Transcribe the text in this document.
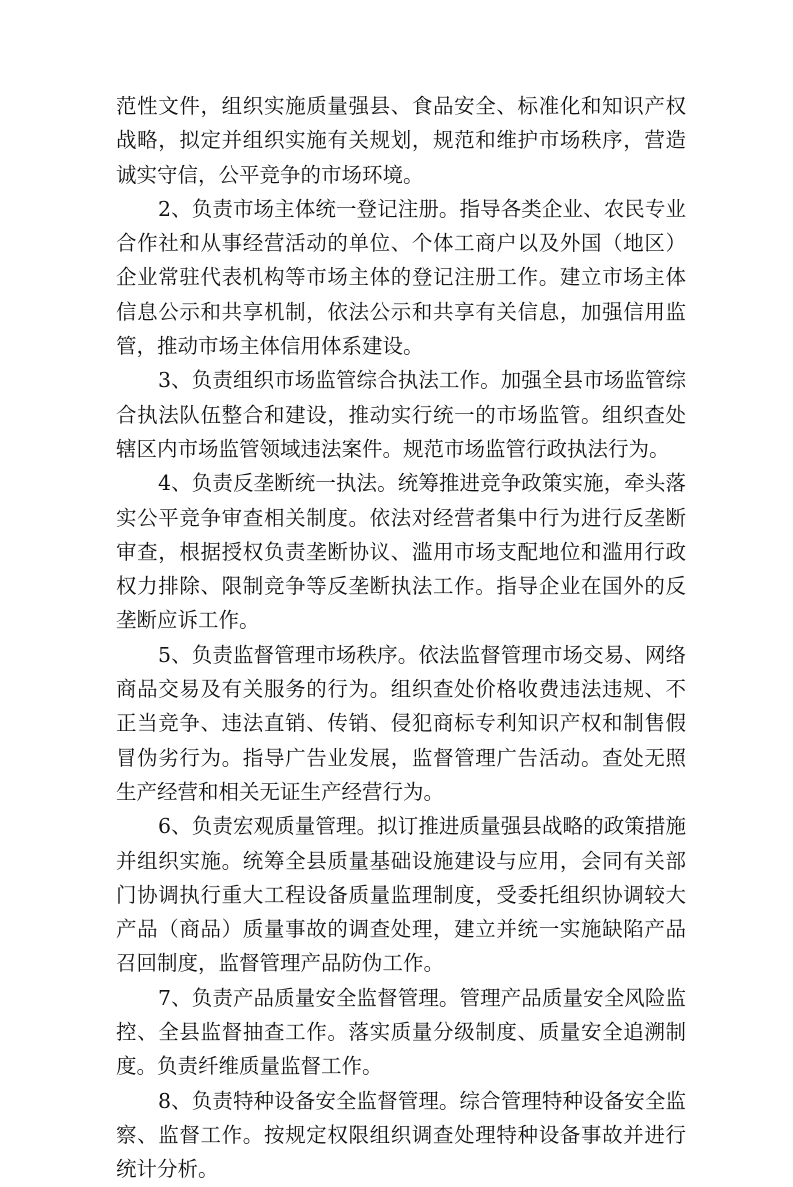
范性文件，组织实施质量强县、食品安全、标准化和知识产权战略，拟定并组织实施有关规划，规范和维护市场秩序，营造诚实守信，公平竞争的市场环境。

2、负责市场主体统一登记注册。指导各类企业、农民专业合作社和从事经营活动的单位、个体工商户以及外国（地区）企业常驻代表机构等市场主体的登记注册工作。建立市场主体信息公示和共享机制，依法公示和共享有关信息，加强信用监管，推动市场主体信用体系建设。

3、负责组织市场监管综合执法工作。加强全县市场监管综合执法队伍整合和建设，推动实行统一的市场监管。组织查处辖区内市场监管领域违法案件。规范市场监管行政执法行为。

4、负责反垄断统一执法。统筹推进竞争政策实施，牵头落实公平竞争审查相关制度。依法对经营者集中行为进行反垄断审查，根据授权负责垄断协议、滥用市场支配地位和滥用行政权力排除、限制竞争等反垄断执法工作。指导企业在国外的反垄断应诉工作。

5、负责监督管理市场秩序。依法监督管理市场交易、网络商品交易及有关服务的行为。组织查处价格收费违法违规、不正当竞争、违法直销、传销、侵犯商标专利知识产权和制售假冒伪劣行为。指导广告业发展，监督管理广告活动。查处无照生产经营和相关无证生产经营行为。

6、负责宏观质量管理。拟订推进质量强县战略的政策措施并组织实施。统筹全县质量基础设施建设与应用，会同有关部门协调执行重大工程设备质量监理制度，受委托组织协调较大产品（商品）质量事故的调查处理，建立并统一实施缺陷产品召回制度，监督管理产品防伪工作。

7、负责产品质量安全监督管理。管理产品质量安全风险监控、全县监督抽查工作。落实质量分级制度、质量安全追溯制度。负责纤维质量监督工作。

8、负责特种设备安全监督管理。综合管理特种设备安全监察、监督工作。按规定权限组织调查处理特种设备事故并进行统计分析。
